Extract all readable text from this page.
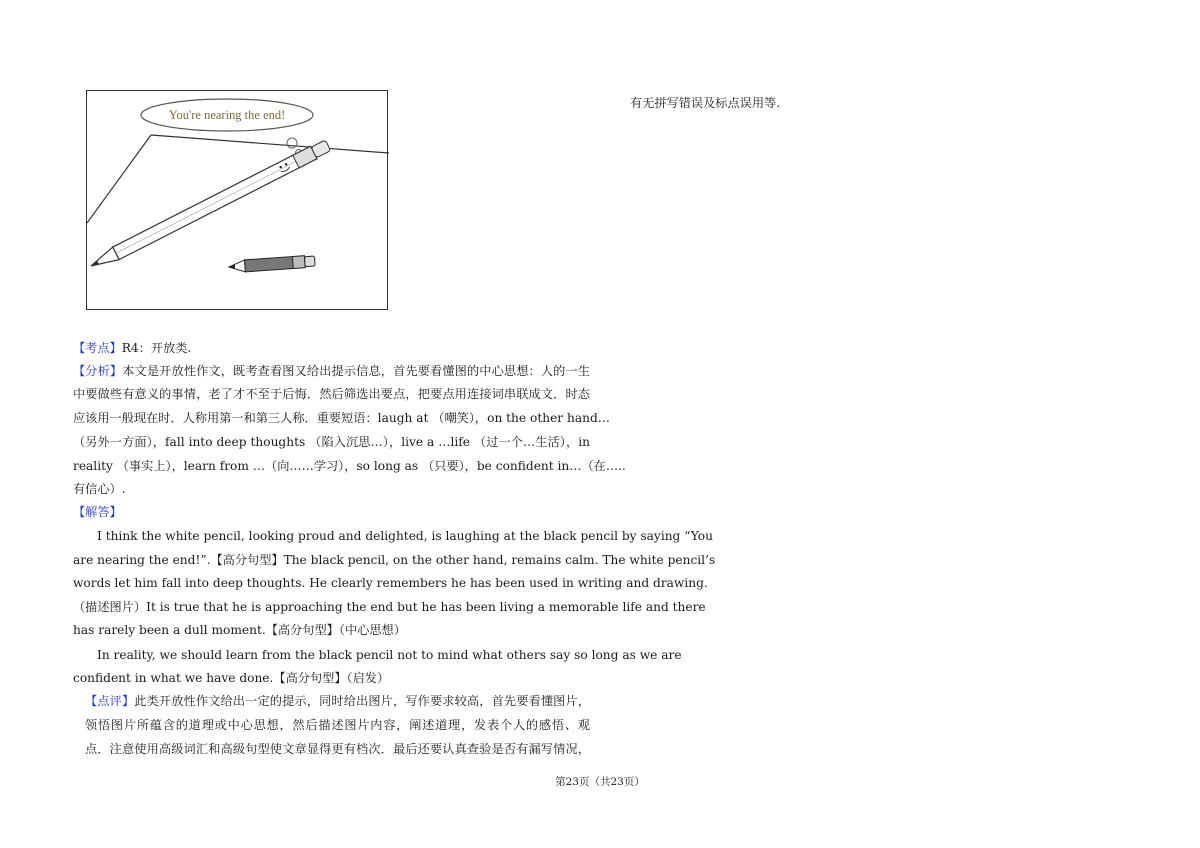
You're nearing the end!
有无拼写错误及标点误用等.
【考点】R4：开放类.
【分析】本文是开放性作文，既考查看图又给出提示信息，首先要看懂图的中心思想：人的一生
中要做些有意义的事情，老了才不至于后悔．然后筛选出要点，把要点用连接词串联成文．时态
应该用一般现在时．人称用第一和第三人称．重要短语：laugh at （嘲笑），on the other hand…
（另外一方面），fall into deep thoughts （陷入沉思…），live a …life （过一个…生活），in
reality （事实上），learn from …（向……学习），so long as （只要），be confident in…（在…..
有信心）.
【解答】
I think the white pencil, looking proud and delighted, is laughing at the black pencil by saying “You
are nearing the end!”.【高分句型】The black pencil, on the other hand, remains calm. The white pencil’s
words let him fall into deep thoughts. He clearly remembers he has been used in writing and drawing.
（描述图片）It is true that he is approaching the end but he has been living a memorable life and there
has rarely been a dull moment.【高分句型】（中心思想）
In reality, we should learn from the black pencil not to mind what others say so long as we are
confident in what we have done.【高分句型】（启发）
【点评】此类开放性作文给出一定的提示，同时给出图片，写作要求较高，首先要看懂图片，
领悟图片所蕴含的道理或中心思想，然后描述图片内容，阐述道理，发表个人的感悟、观
点．注意使用高级词汇和高级句型使文章显得更有档次．最后还要认真查验是否有漏写情况，
第23页（共23页）
